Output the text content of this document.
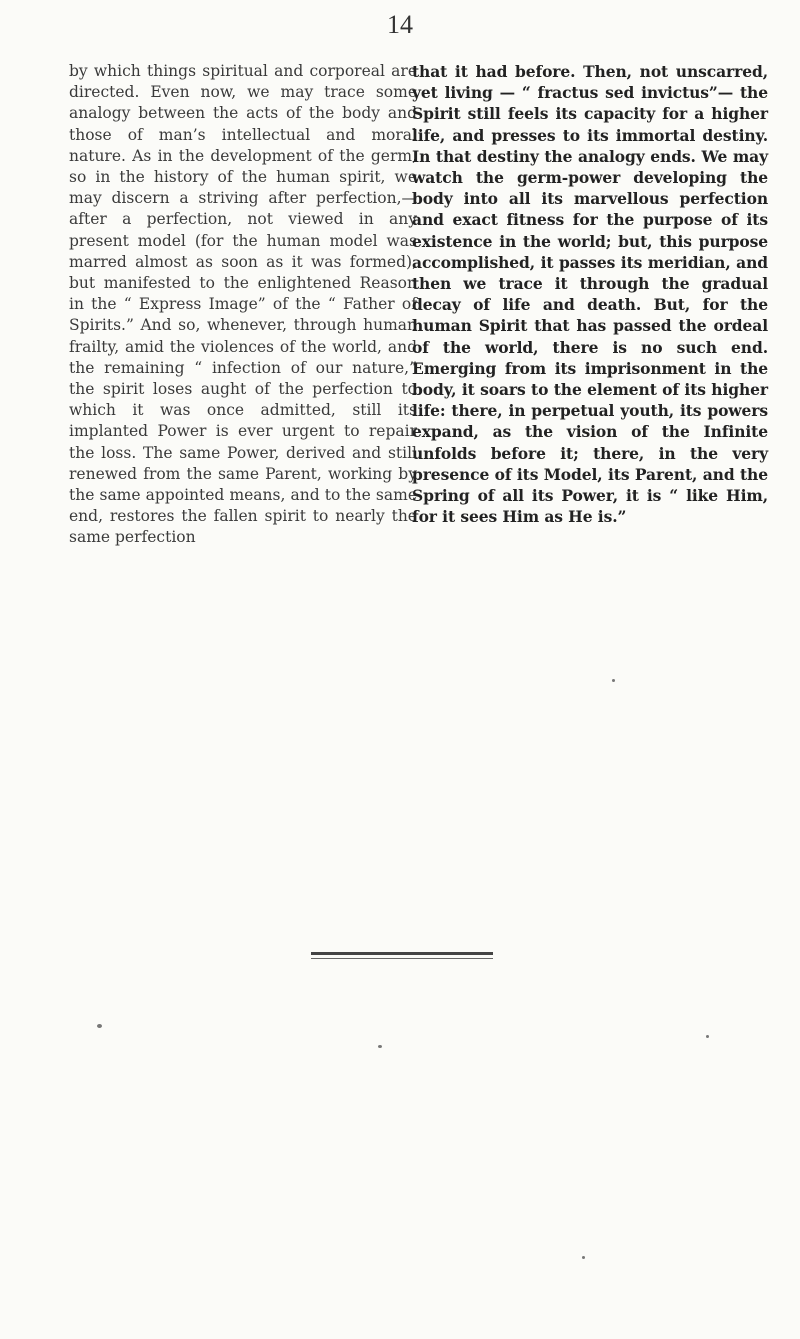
14

by which things spiritual and corporeal are directed. Even now, we may trace some analogy between the acts of the body and those of man’s intellectual and moral nature. As in the development of the germ, so in the history of the human spirit, we may discern a striving after perfection,—after a perfection, not viewed in any present model (for the human model was marred almost as soon as it was formed), but manifested to the enlightened Reason in the “ Express Image” of the “ Father of Spirits.” And so, whenever, through human frailty, amid the violences of the world, and the remaining “ infection of our nature,” the spirit loses aught of the perfection to which it was once admitted, still its implanted Power is ever urgent to repair the loss. The same Power, derived and still renewed from the same Parent, working by the same appointed means, and to the same end, restores the fallen spirit to nearly the same perfection

that it had before. Then, not unscarred, yet living — “ fractus sed invictus”— the Spirit still feels its capacity for a higher life, and presses to its immortal destiny. In that destiny the analogy ends. We may watch the germ-power developing the body into all its marvellous perfection and exact fitness for the purpose of its existence in the world; but, this purpose accomplished, it passes its meridian, and then we trace it through the gradual decay of life and death. But, for the human Spirit that has passed the ordeal of the world, there is no such end. Emerging from its imprisonment in the body, it soars to the element of its higher life: there, in perpetual youth, its powers expand, as the vision of the Infinite unfolds before it; there, in the very presence of its Model, its Parent, and the Spring of all its Power, it is “ like Him, for it sees Him as He is.”
